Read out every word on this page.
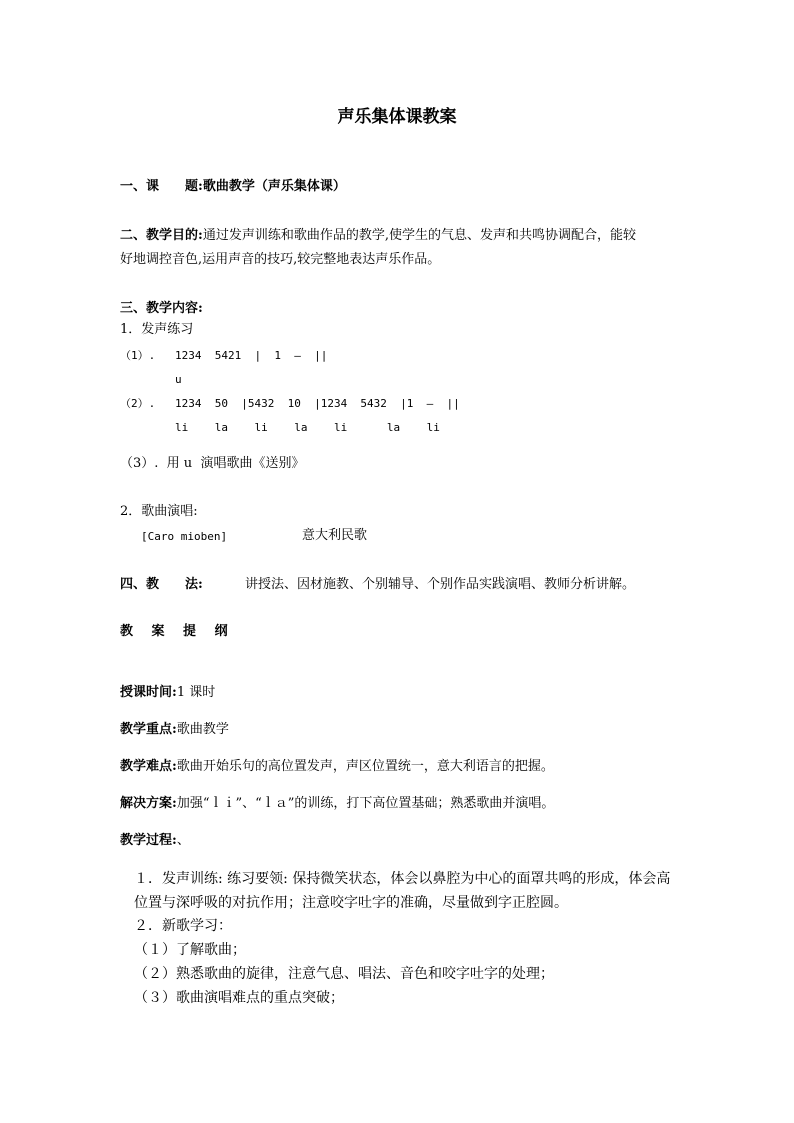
声乐集体课教案
一、课　　题:歌曲教学（声乐集体课）
二、教学目的:通过发声训练和歌曲作品的教学,使学生的气息、发声和共鸣协调配合，能较
好地调控音色,运用声音的技巧,较完整地表达声乐作品。
三、教学内容:
1．发声练习
（1）. 1234  5421  |  1  —  ||
u
（2）. 1234  50  |5432  10  |1234  5432  |1  —  ||
li    la    li    la    li      la    li
（3）.  用 u  演唱歌曲《送别》
2．歌曲演唱:
[Caro mioben]	意大利民歌
四、教　　法:	讲授法、因材施教、个别辅导、个别作品实践演唱、教师分析讲解。
教 案 提 纲
授课时间:1 课时
教学重点:歌曲教学
教学难点:歌曲开始乐句的高位置发声，声区位置统一，意大利语言的把握。
解决方案:加强“ｌｉ”、“ｌａ”的训练，打下高位置基础；熟悉歌曲并演唱。
教学过程:、
１．发声训练: 练习要领: 保持微笑状态，体会以鼻腔为中心的面罩共鸣的形成，体会高
位置与深呼吸的对抗作用；注意咬字吐字的准确，尽量做到字正腔圆。
２．新歌学习：
（１）了解歌曲；
（２）熟悉歌曲的旋律，注意气息、唱法、音色和咬字吐字的处理；
（３）歌曲演唱难点的重点突破；
